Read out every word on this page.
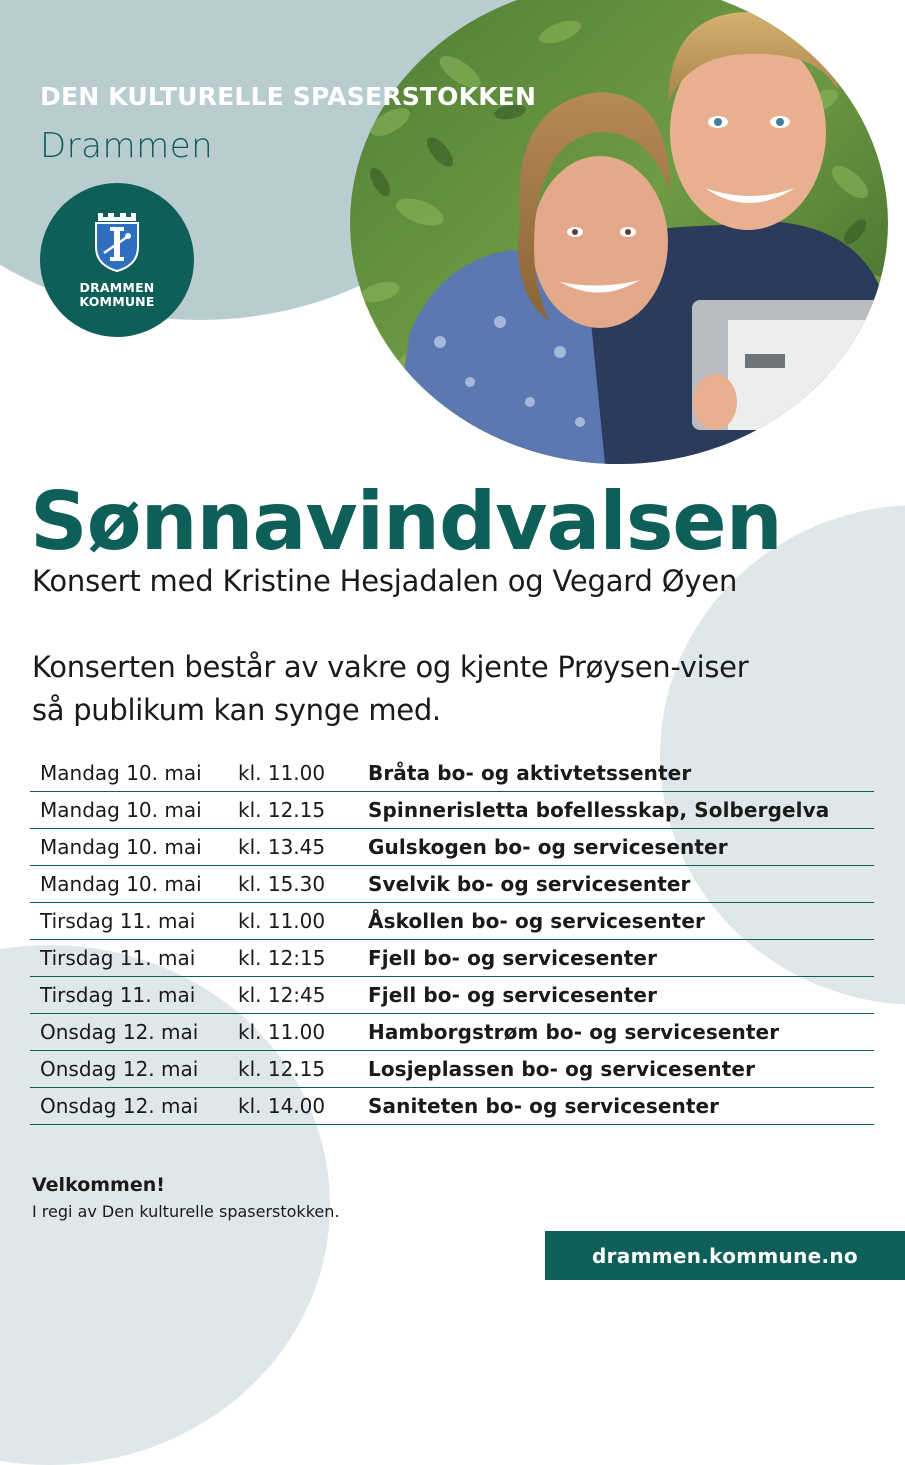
DEN KULTURELLE SPASERSTOKKEN
Drammen
DRAMMEN
KOMMUNE
Sønnavindvalsen
Konsert med Kristine Hesjadalen og Vegard Øyen
Konserten består av vakre og kjente Prøysen-viser
så publikum kan synge med.
Mandag 10. mai	kl. 11.00	Bråta bo- og aktivtetssenter
Mandag 10. mai	kl. 12.15	Spinnerisletta bofellesskap, Solbergelva
Mandag 10. mai	kl. 13.45	Gulskogen bo- og servicesenter
Mandag 10. mai	kl. 15.30	Svelvik bo- og servicesenter
Tirsdag 11. mai	kl. 11.00	Åskollen bo- og servicesenter
Tirsdag 11. mai	kl. 12:15	Fjell bo- og servicesenter
Tirsdag 11. mai	kl. 12:45	Fjell bo- og servicesenter
Onsdag 12. mai	kl. 11.00	Hamborgstrøm bo- og servicesenter
Onsdag 12. mai	kl. 12.15	Losjeplassen bo- og servicesenter
Onsdag 12. mai	kl. 14.00	Saniteten bo- og servicesenter
Velkommen!
I regi av Den kulturelle spaserstokken.
drammen.kommune.no
